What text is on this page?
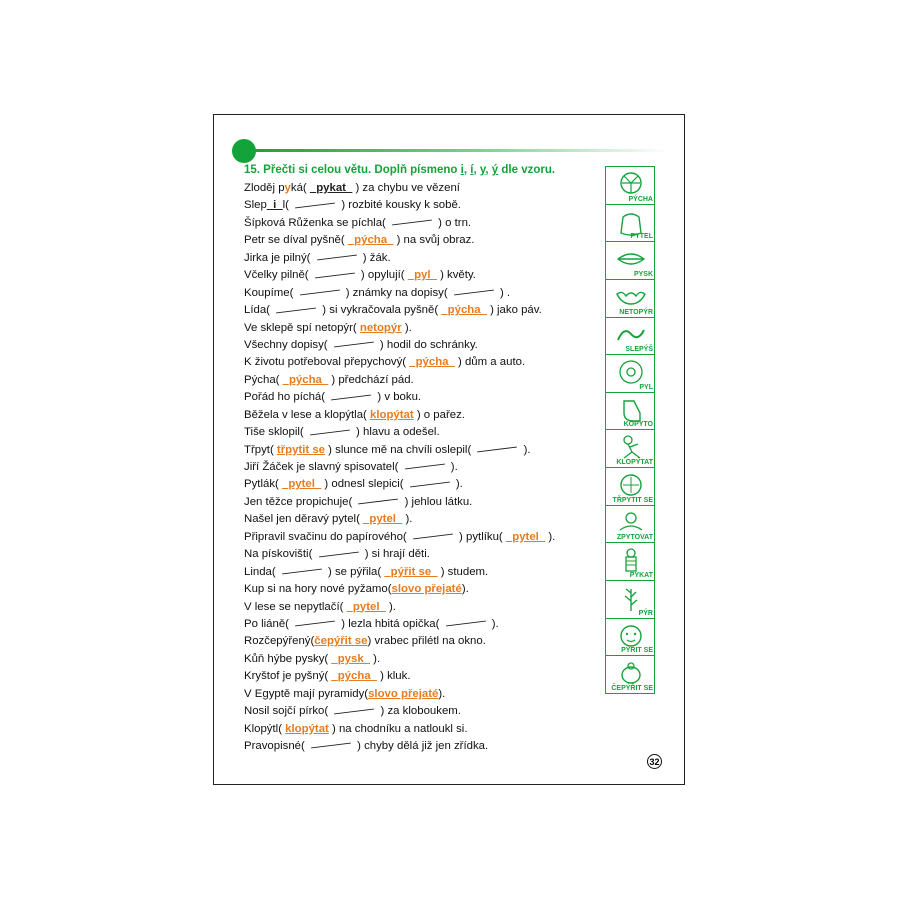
15. Přečti si celou větu. Doplň písmeno i, í, y, ý dle vzoru.
Zloděj pyká( _pykat_ ) za chybu ve vězení
Slep_i_l(	) rozbité kousky k sobě.
Šípková Růženka se píchla(	) o trn.
Petr se díval pyšně( _pýcha_ ) na svůj obraz.
Jirka je pilný(	) žák.
Včelky pilně(	) opylují( _pyl_ ) květy.
Koupíme(	) známky na dopisy(	) .
Lída(	) si vykračovala pyšně( _pýcha_ ) jako páv.
Ve sklepě spí netopýr( netopýr ).
Všechny dopisy(	) hodil do schránky.
K životu potřeboval přepychový( _pýcha_ ) dům a auto.
Pýcha( _pýcha_ ) předchází pád.
Pořád ho píchá(	) v boku.
Běžela v lese a klopýtla( klopýtat ) o pařez.
Tiše sklopil(	) hlavu a odešel.
Třpyt( třpytit se ) slunce mě na chvíli oslepil(	).
Jiří Žáček je slavný spisovatel(	).
Pytlák( _pytel_ ) odnesl slepici(	).
Jen těžce propichuje(	) jehlou látku.
Našel jen děravý pytel( _pytel_ ).
Připravil svačinu do papírového(	) pytlíku( _pytel_ ).
Na pískovišti(	) si hrají děti.
Linda(	) se pýřila( _pýřit se_ ) studem.
Kup si na hory nové pyžamo(slovo přejaté).
V lese se nepytlačí( _pytel_ ).
Po liáně(	) lezla hbitá opička(	).
Rozčepýřený(čepýřit se) vrabec přilétl na okno.
Kůň hýbe pysky( _pysk_ ).
Kryštof je pyšný( _pýcha_ ) kluk.
V Egyptě mají pyramidy(slovo přejaté).
Nosil sojčí pírko(	) za kloboukem.
Klopýtl( klopýtat ) na chodníku a natloukl si.
Pravopisné(	) chyby dělá již jen zřídka.
PÝCHA
PYTEL
PYSK
NETOPÝR
SLEPÝŠ
PYL
KOPYTO
KLOPÝTAT
TŘPYTIT SE
ZPYTOVAT
PYKAT
PÝR
PÝŘIT SE
ČEPÝŘIT SE
32
